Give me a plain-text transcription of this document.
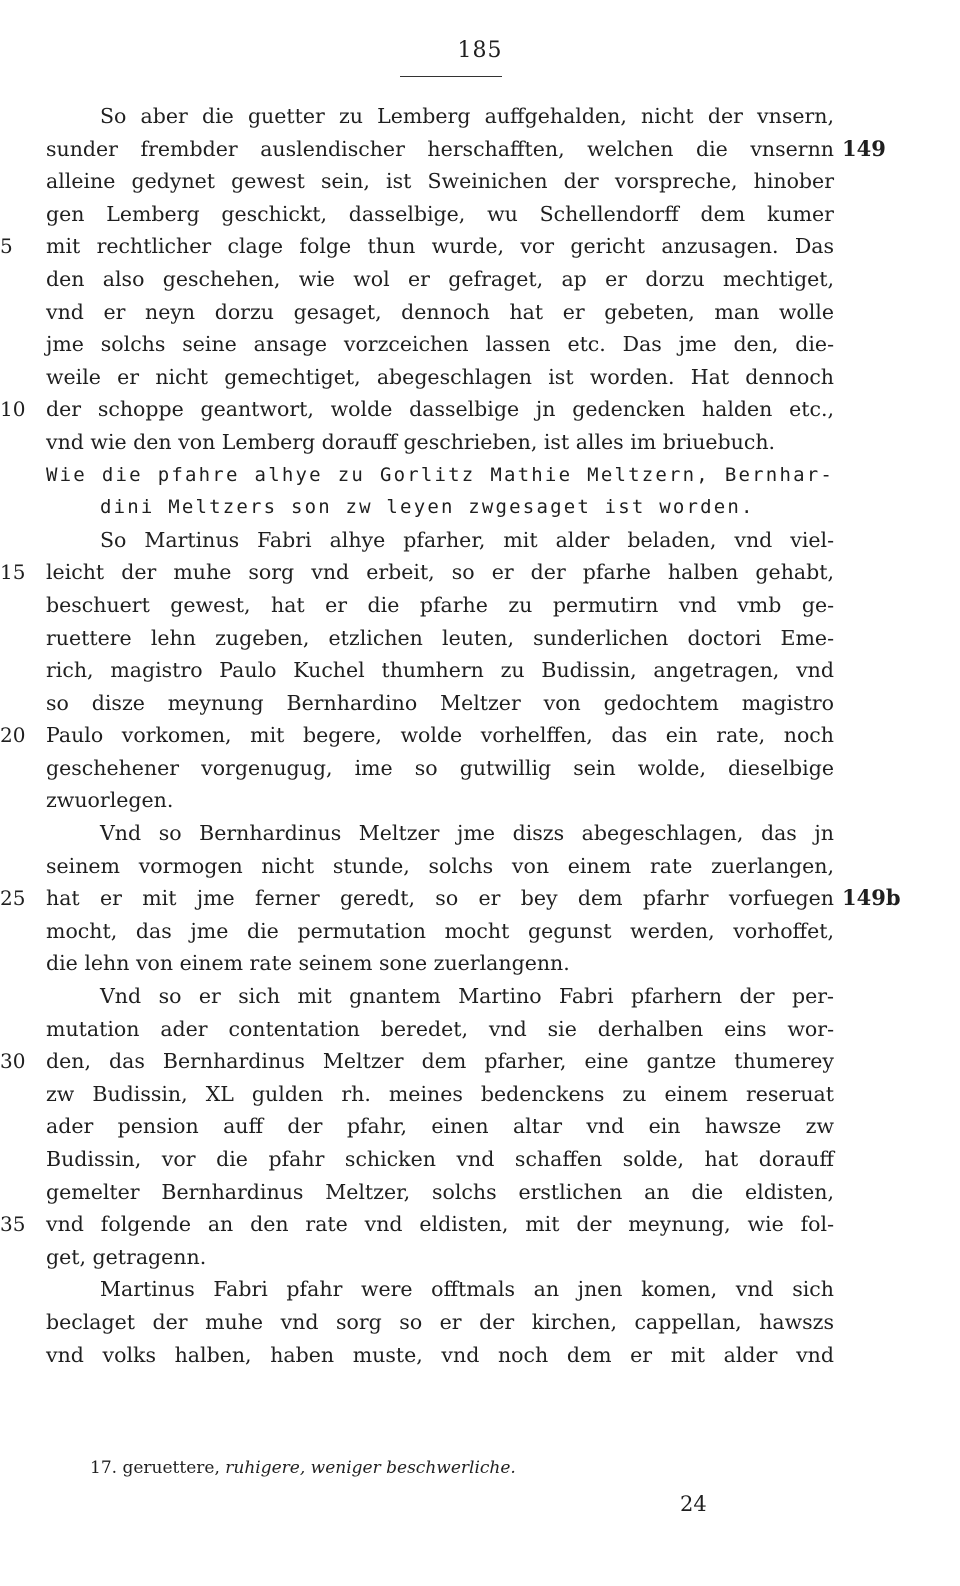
185
So aber die guetter zu Lemberg auffgehalden, nicht der vnsern,
sunder frembder auslendischer herschafften, welchen die vnsernn 149
alleine gedynet gewest sein, ist Sweinichen der vorspreche, hinober
gen Lemberg geschickt, dasselbige, wu Schellendorff dem kumer
5	mit rechtlicher clage folge thun wurde, vor gericht anzusagen. Das
den also geschehen, wie wol er gefraget, ap er dorzu mechtiget,
vnd er neyn dorzu gesaget, dennoch hat er gebeten, man wolle
jme solchs seine ansage vorzceichen lassen etc. Das jme den, die-
weile er nicht gemechtiget, abegeschlagen ist worden. Hat dennoch
10	der schoppe geantwort, wolde dasselbige jn gedencken halden etc.,
vnd wie den von Lemberg dorauff geschrieben, ist alles im briuebuch.
Wie die pfahre alhye zu Gorlitz Mathie Meltzern, Bernhar-
dini Meltzers son zw leyen zwgesaget ist worden.
So Martinus Fabri alhye pfarher, mit alder beladen, vnd viel-
15	leicht der muhe sorg vnd erbeit, so er der pfarhe halben gehabt,
beschuert gewest, hat er die pfarhe zu permutirn vnd vmb ge-
ruettere lehn zugeben, etzlichen leuten, sunderlichen doctori Eme-
rich, magistro Paulo Kuchel thumhern zu Budissin, angetragen, vnd
so disze meynung Bernhardino Meltzer von gedochtem magistro
20	Paulo vorkomen, mit begere, wolde vorhelffen, das ein rate, noch
geschehener vorgenugug, ime so gutwillig sein wolde, dieselbige
zwuorlegen.
Vnd so Bernhardinus Meltzer jme diszs abegeschlagen, das jn
seinem vormogen nicht stunde, solchs von einem rate zuerlangen,
25	hat er mit jme ferner geredt, so er bey dem pfarhr vorfuegen 149b
mocht, das jme die permutation mocht gegunst werden, vorhoffet,
die lehn von einem rate seinem sone zuerlangenn.
Vnd so er sich mit gnantem Martino Fabri pfarhern der per-
mutation ader contentation beredet, vnd sie derhalben eins wor-
30	den, das Bernhardinus Meltzer dem pfarher, eine gantze thumerey
zw Budissin, XL gulden rh. meines bedenckens zu einem reseruat
ader pension auff der pfahr, einen altar vnd ein hawsze zw
Budissin, vor die pfahr schicken vnd schaffen solde, hat dorauff
gemelter Bernhardinus Meltzer, solchs erstlichen an die eldisten,
35	vnd folgende an den rate vnd eldisten, mit der meynung, wie fol-
get, getragenn.
Martinus Fabri pfahr were offtmals an jnen komen, vnd sich
beclaget der muhe vnd sorg so er der kirchen, cappellan, hawszs
vnd volks halben, haben muste, vnd noch dem er mit alder vnd
17. geruettere, ruhigere, weniger beschwerliche.
24
